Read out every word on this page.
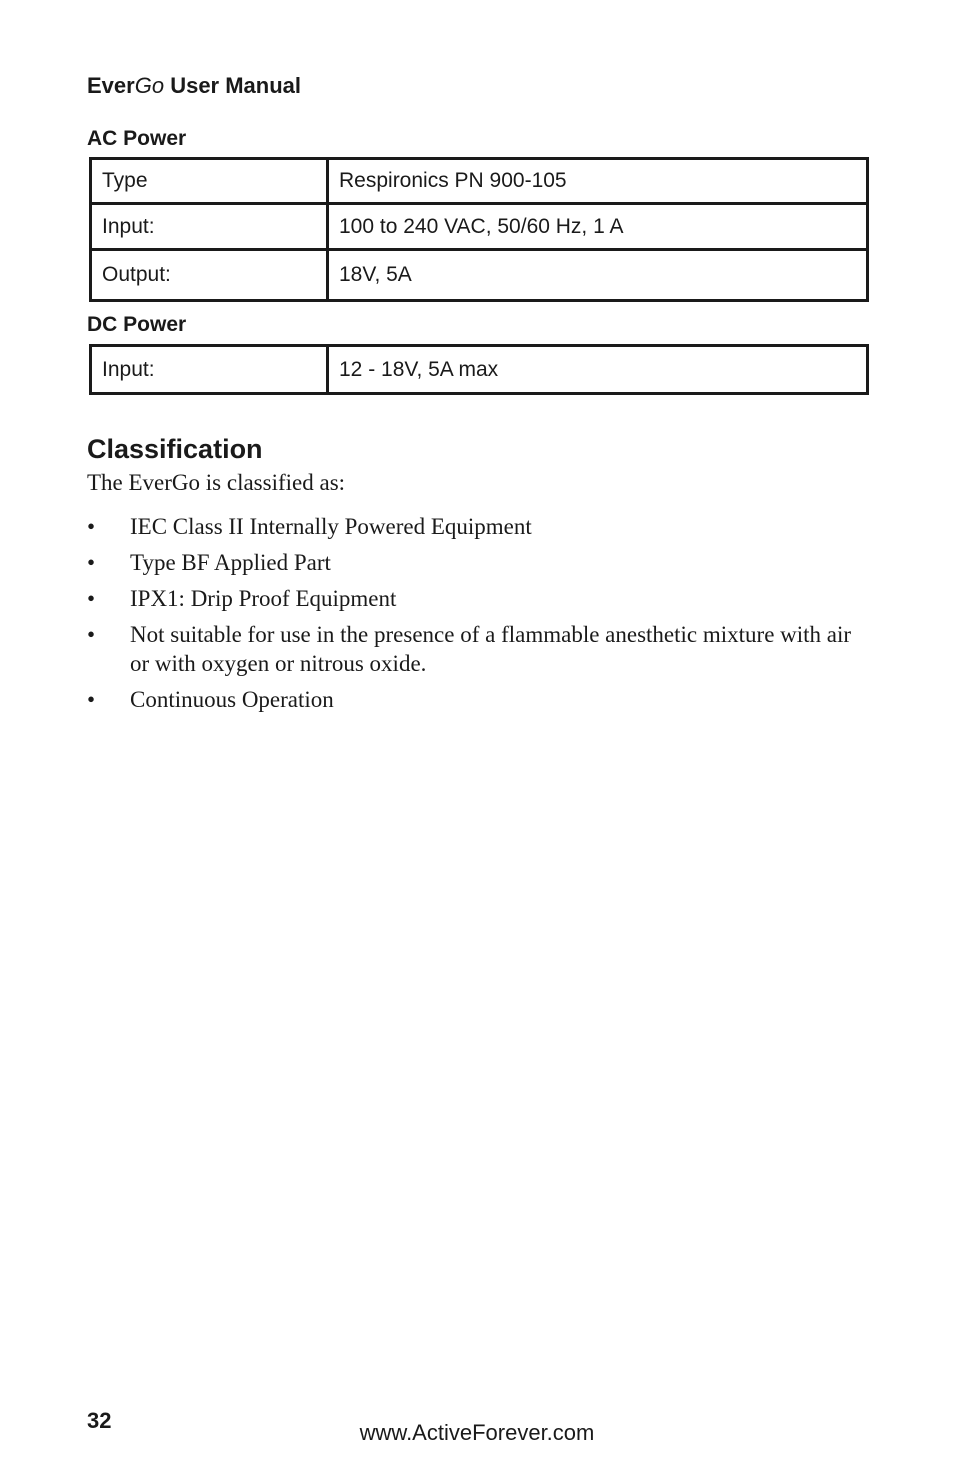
EverGo User Manual
AC Power
Type	Respironics PN 900-105
Input:	100 to 240 VAC, 50/60 Hz, 1 A
Output:	18V, 5A
DC Power
Input:	12 - 18V, 5A max
Classification
The EverGo is classified as:
• IEC Class II Internally Powered Equipment
• Type BF Applied Part
• IPX1: Drip Proof Equipment
• Not suitable for use in the presence of a flammable anesthetic mixture with air or with oxygen or nitrous oxide.
• Continuous Operation
32	www.ActiveForever.com
